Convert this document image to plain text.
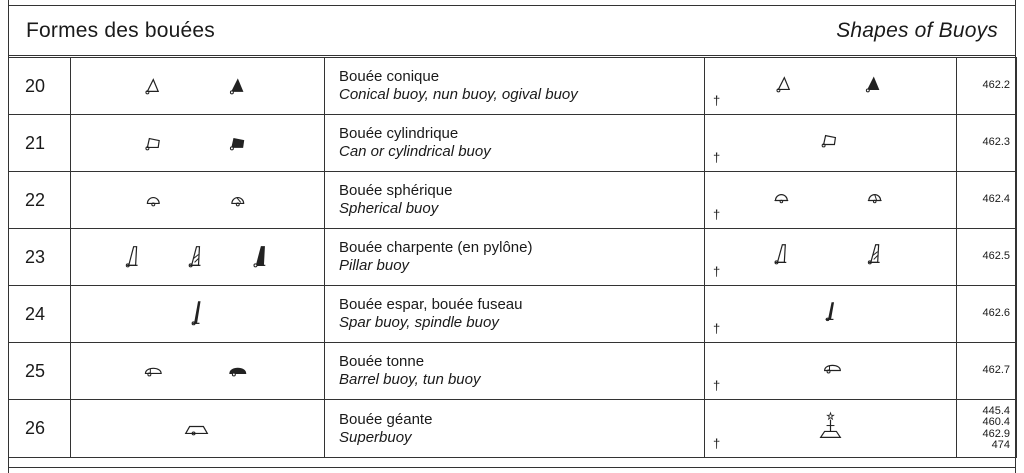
Formes des bouées	Shapes of Buoys
20		Bouée conique
Conical buoy, nun buoy, ogival buoy	†	462.2

21		Bouée cylindrique
Can or cylindrical buoy	†	462.3

22		Bouée sphérique
Spherical buoy	†	462.4

23		Bouée charpente (en pylône)
Pillar buoy	†	462.5

24		Bouée espar, bouée fuseau
Spar buoy, spindle buoy	†	462.6

25		Bouée tonne
Barrel buoy, tun buoy	†	462.7

26		Bouée géante
Superbuoy	†	445.4
460.4
462.9
474
